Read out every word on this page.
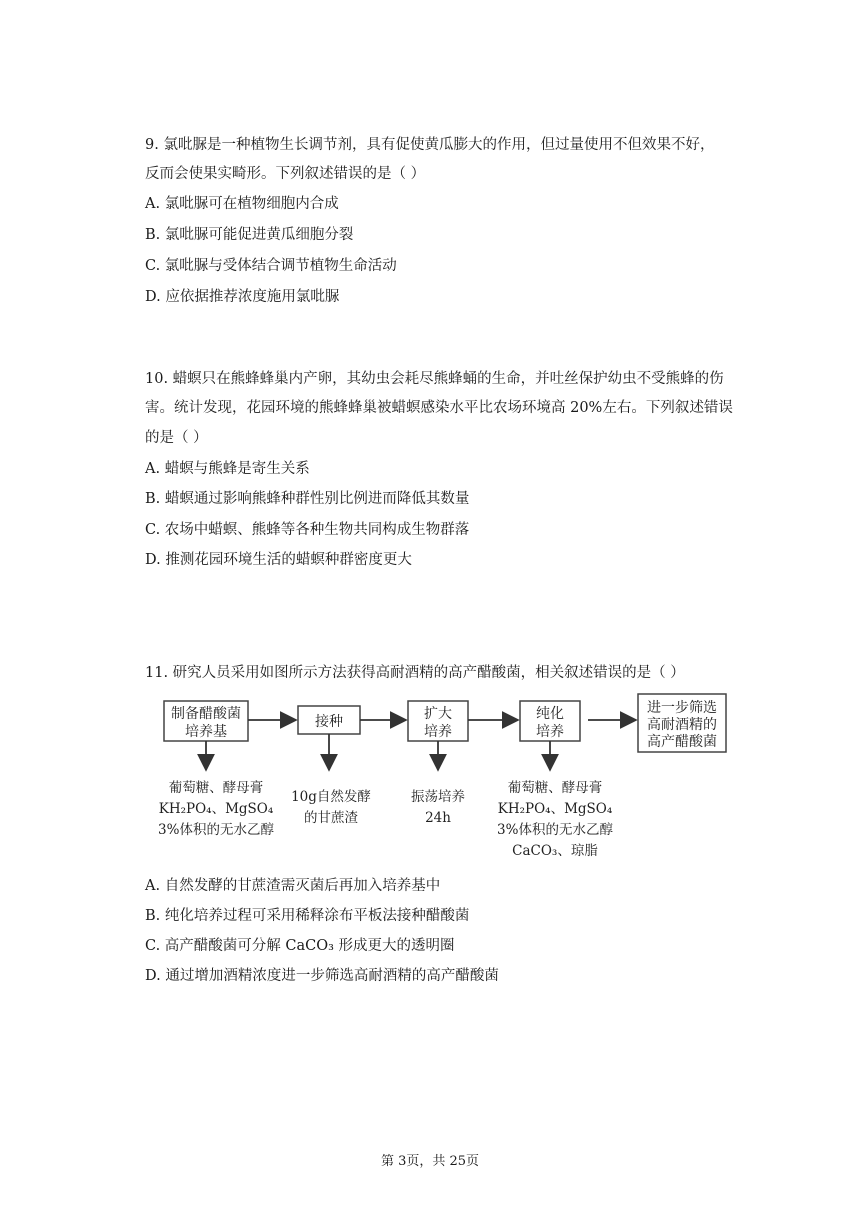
9. 氯吡脲是一种植物生长调节剂，具有促使黄瓜膨大的作用，但过量使用不但效果不好，
反而会使果实畸形。下列叙述错误的是（ ）
A. 氯吡脲可在植物细胞内合成
B. 氯吡脲可能促进黄瓜细胞分裂
C. 氯吡脲与受体结合调节植物生命活动
D. 应依据推荐浓度施用氯吡脲
10. 蜡螟只在熊蜂蜂巢内产卵，其幼虫会耗尽熊蜂蛹的生命，并吐丝保护幼虫不受熊蜂的伤
害。统计发现，花园环境的熊蜂蜂巢被蜡螟感染水平比农场环境高 20%左右。下列叙述错误
的是（ ）
A. 蜡螟与熊蜂是寄生关系
B. 蜡螟通过影响熊蜂种群性别比例进而降低其数量
C. 农场中蜡螟、熊蜂等各种生物共同构成生物群落
D. 推测花园环境生活的蜡螟种群密度更大
11. 研究人员采用如图所示方法获得高耐酒精的高产醋酸菌，相关叙述错误的是（ ）
制备醋酸菌
培养基
接种	扩大
培养
纯化
培养
进一步筛选
高耐酒精的
高产醋酸菌
葡萄糖、酵母膏
KH₂PO₄、MgSO₄
3%体积的无水乙醇
10g自然发酵
的甘蔗渣
振荡培养
24h
葡萄糖、酵母膏
KH₂PO₄、MgSO₄
3%体积的无水乙醇
CaCO₃、琼脂
A. 自然发酵的甘蔗渣需灭菌后再加入培养基中
B. 纯化培养过程可采用稀释涂布平板法接种醋酸菌
C. 高产醋酸菌可分解 CaCO₃ 形成更大的透明圈
D. 通过增加酒精浓度进一步筛选高耐酒精的高产醋酸菌
第 3页，共 25页
